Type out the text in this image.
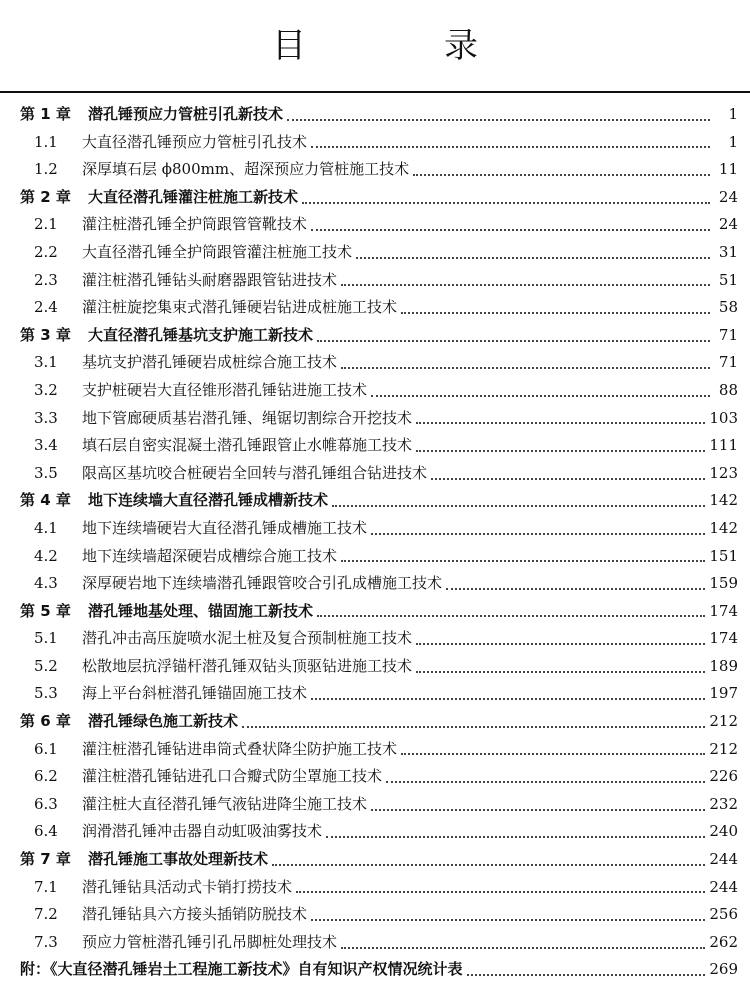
目　录
第 1 章	潜孔锤预应力管桩引孔新技术	1
1.1	大直径潜孔锤预应力管桩引孔技术	1
1.2	深厚填石层 ϕ800mm、超深预应力管桩施工技术	11
第 2 章	大直径潜孔锤灌注桩施工新技术	24
2.1	灌注桩潜孔锤全护筒跟管管靴技术	24
2.2	大直径潜孔锤全护筒跟管灌注桩施工技术	31
2.3	灌注桩潜孔锤钻头耐磨器跟管钻进技术	51
2.4	灌注桩旋挖集束式潜孔锤硬岩钻进成桩施工技术	58
第 3 章	大直径潜孔锤基坑支护施工新技术	71
3.1	基坑支护潜孔锤硬岩成桩综合施工技术	71
3.2	支护桩硬岩大直径锥形潜孔锤钻进施工技术	88
3.3	地下管廊硬质基岩潜孔锤、绳锯切割综合开挖技术	103
3.4	填石层自密实混凝土潜孔锤跟管止水帷幕施工技术	111
3.5	限高区基坑咬合桩硬岩全回转与潜孔锤组合钻进技术	123
第 4 章	地下连续墙大直径潜孔锤成槽新技术	142
4.1	地下连续墙硬岩大直径潜孔锤成槽施工技术	142
4.2	地下连续墙超深硬岩成槽综合施工技术	151
4.3	深厚硬岩地下连续墙潜孔锤跟管咬合引孔成槽施工技术	159
第 5 章	潜孔锤地基处理、锚固施工新技术	174
5.1	潜孔冲击高压旋喷水泥土桩及复合预制桩施工技术	174
5.2	松散地层抗浮锚杆潜孔锤双钻头顶驱钻进施工技术	189
5.3	海上平台斜桩潜孔锤锚固施工技术	197
第 6 章	潜孔锤绿色施工新技术	212
6.1	灌注桩潜孔锤钻进串筒式叠状降尘防护施工技术	212
6.2	灌注桩潜孔锤钻进孔口合瓣式防尘罩施工技术	226
6.3	灌注桩大直径潜孔锤气液钻进降尘施工技术	232
6.4	润滑潜孔锤冲击器自动虹吸油雾技术	240
第 7 章	潜孔锤施工事故处理新技术	244
7.1	潜孔锤钻具活动式卡销打捞技术	244
7.2	潜孔锤钻具六方接头插销防脱技术	256
7.3	预应力管桩潜孔锤引孔吊脚桩处理技术	262
附：《大直径潜孔锤岩土工程施工新技术》自有知识产权情况统计表	269
